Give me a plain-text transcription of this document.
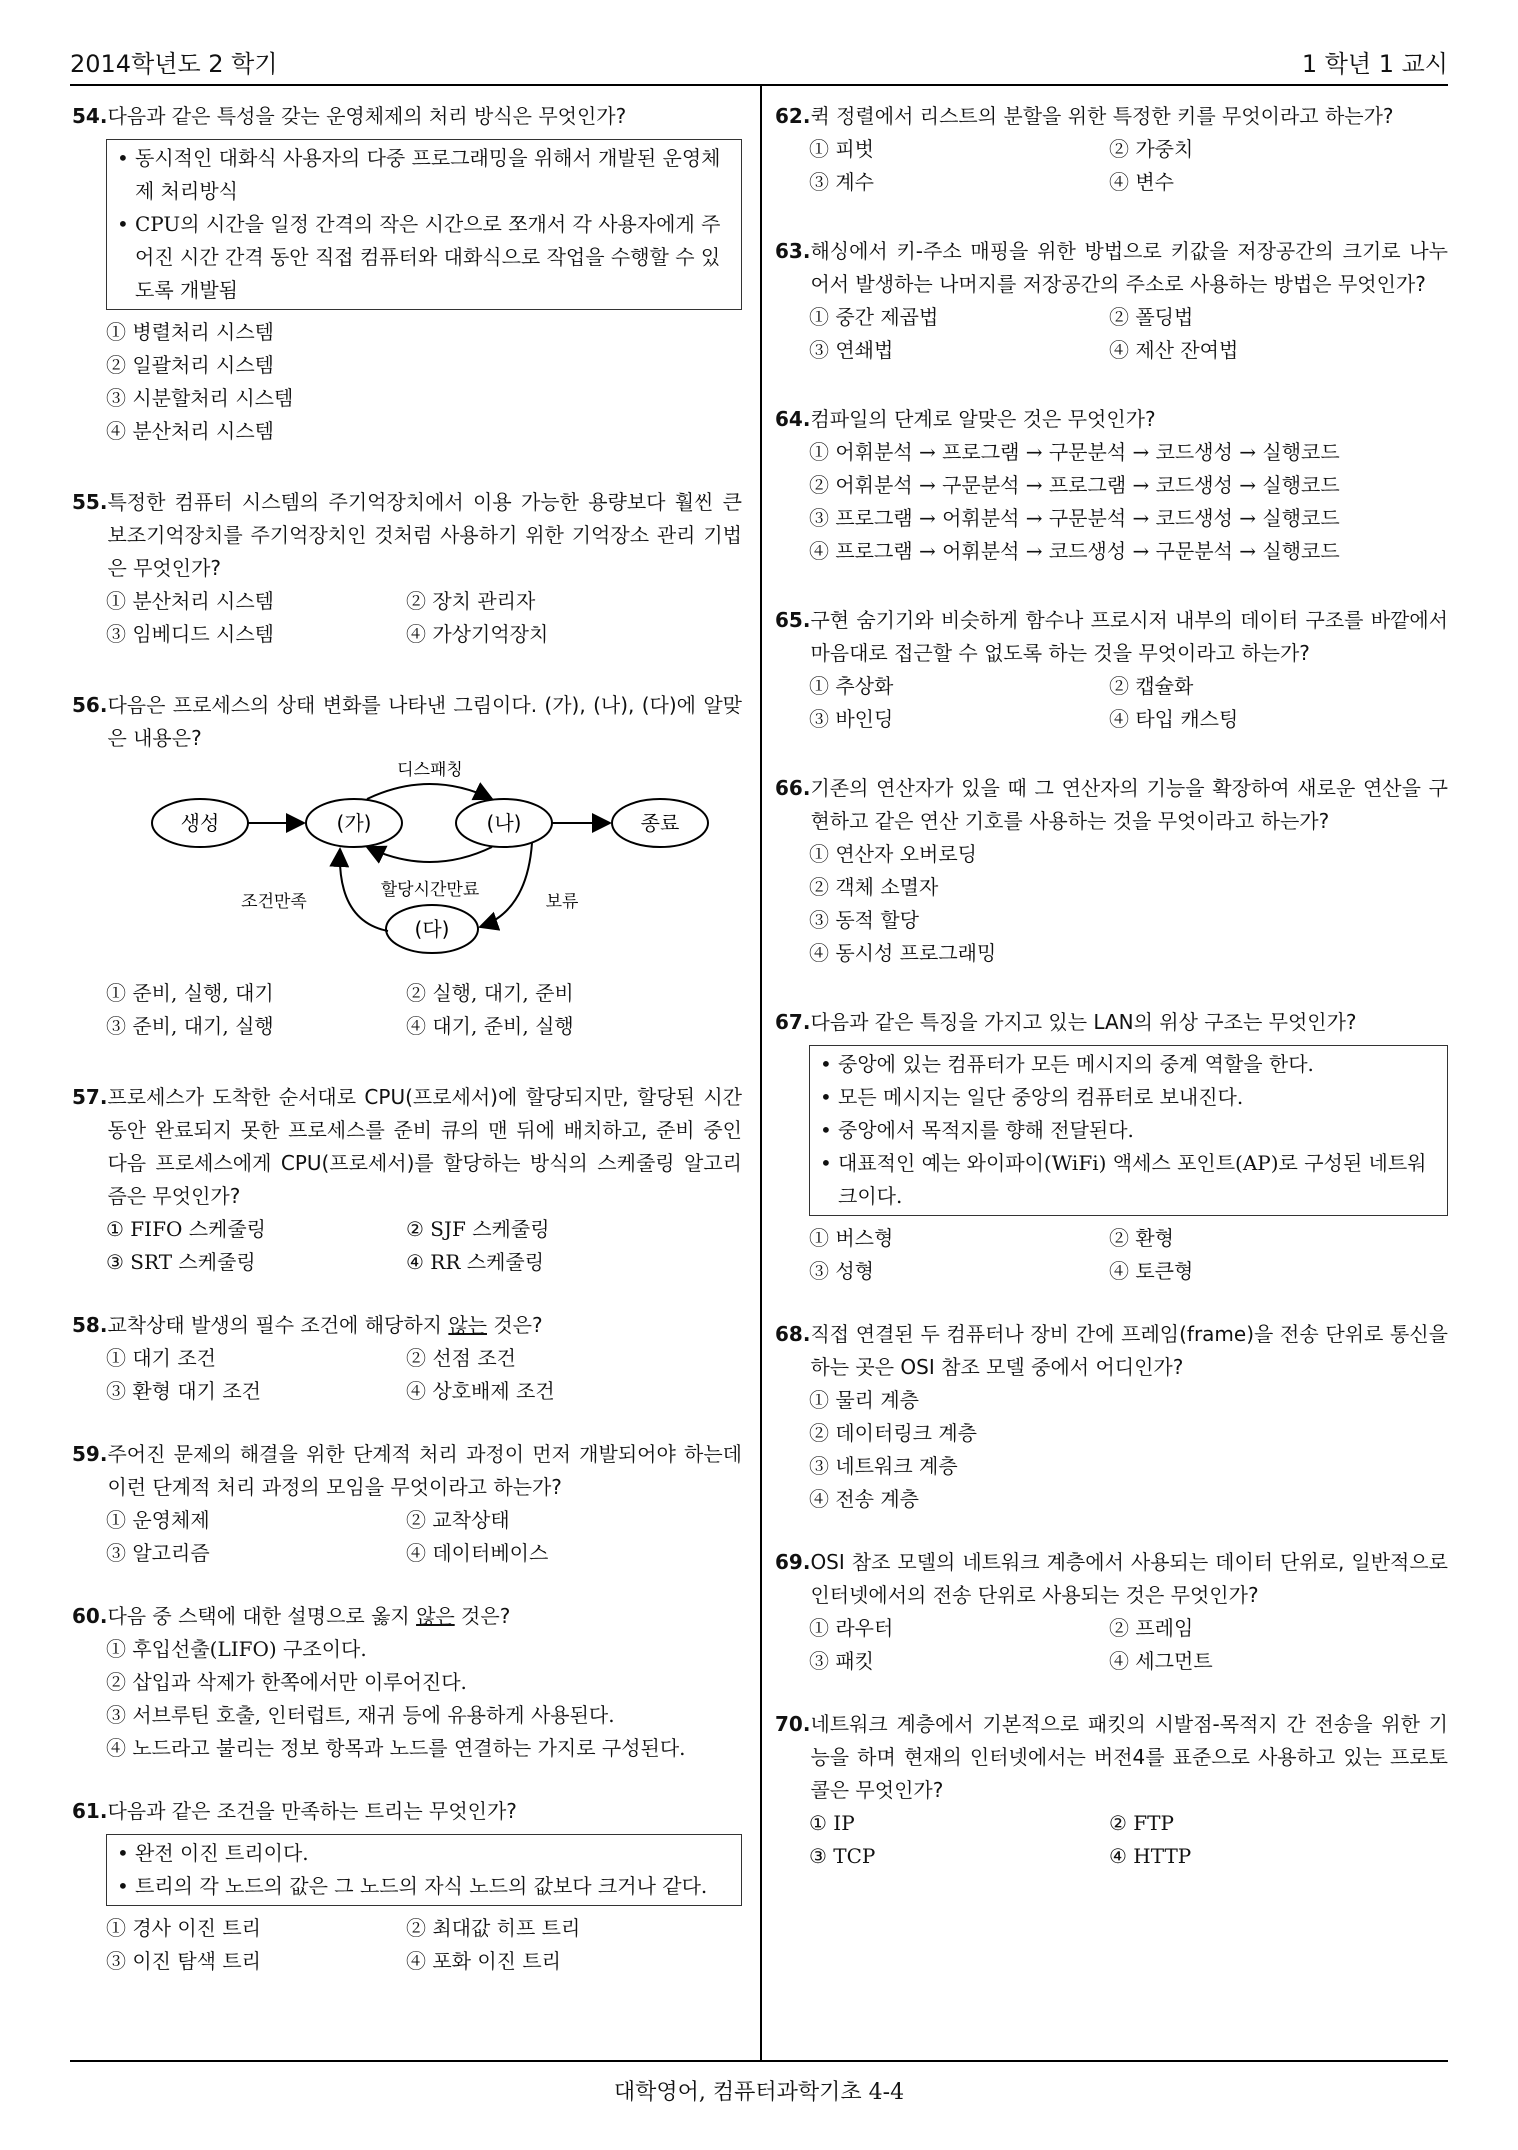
2014학년도 2 학기	1 학년 1 교시
54. 다음과 같은 특성을 갖는 운영체제의 처리 방식은 무엇인가?
• 동시적인 대화식 사용자의 다중 프로그래밍을 위해서 개발된 운영체제 처리방식
• CPU의 시간을 일정 간격의 작은 시간으로 쪼개서 각 사용자에게 주어진 시간 간격 동안 직접 컴퓨터와 대화식으로 작업을 수행할 수 있도록 개발됨
① 병렬처리 시스템
② 일괄처리 시스템
③ 시분할처리 시스템
④ 분산처리 시스템
55. 특정한 컴퓨터 시스템의 주기억장치에서 이용 가능한 용량보다 훨씬 큰 보조기억장치를 주기억장치인 것처럼 사용하기 위한 기억장소 관리 기법은 무엇인가?
① 분산처리 시스템	② 장치 관리자
③ 임베디드 시스템	④ 가상기억장치
56. 다음은 프로세스의 상태 변화를 나타낸 그림이다. (가), (나), (다)에 알맞은 내용은?
생성	(가)	(나)	종료
(다)
디스패칭
할당시간만료
보류
조건만족
① 준비, 실행, 대기	② 실행, 대기, 준비
③ 준비, 대기, 실행	④ 대기, 준비, 실행
57. 프로세스가 도착한 순서대로 CPU(프로세서)에 할당되지만, 할당된 시간 동안 완료되지 못한 프로세스를 준비 큐의 맨 뒤에 배치하고, 준비 중인 다음 프로세스에게 CPU(프로세서)를 할당하는 방식의 스케줄링 알고리즘은 무엇인가?
① FIFO 스케줄링	② SJF 스케줄링
③ SRT 스케줄링	④ RR 스케줄링
58. 교착상태 발생의 필수 조건에 해당하지 않는 것은?
① 대기 조건	② 선점 조건
③ 환형 대기 조건	④ 상호배제 조건
59. 주어진 문제의 해결을 위한 단계적 처리 과정이 먼저 개발되어야 하는데 이런 단계적 처리 과정의 모임을 무엇이라고 하는가?
① 운영체제	② 교착상태
③ 알고리즘	④ 데이터베이스
60. 다음 중 스택에 대한 설명으로 옳지 않은 것은?
① 후입선출(LIFO) 구조이다.
② 삽입과 삭제가 한쪽에서만 이루어진다.
③ 서브루틴 호출, 인터럽트, 재귀 등에 유용하게 사용된다.
④ 노드라고 불리는 정보 항목과 노드를 연결하는 가지로 구성된다.
61. 다음과 같은 조건을 만족하는 트리는 무엇인가?
• 완전 이진 트리이다.
• 트리의 각 노드의 값은 그 노드의 자식 노드의 값보다 크거나 같다.
① 경사 이진 트리	② 최대값 히프 트리
③ 이진 탐색 트리	④ 포화 이진 트리
62. 퀵 정렬에서 리스트의 분할을 위한 특정한 키를 무엇이라고 하는가?
① 피벗	② 가중치
③ 계수	④ 변수
63. 해싱에서 키-주소 매핑을 위한 방법으로 키값을 저장공간의 크기로 나누어서 발생하는 나머지를 저장공간의 주소로 사용하는 방법은 무엇인가?
① 중간 제곱법	② 폴딩법
③ 연쇄법	④ 제산 잔여법
64. 컴파일의 단계로 알맞은 것은 무엇인가?
① 어휘분석 → 프로그램 → 구문분석 → 코드생성 → 실행코드
② 어휘분석 → 구문분석 → 프로그램 → 코드생성 → 실행코드
③ 프로그램 → 어휘분석 → 구문분석 → 코드생성 → 실행코드
④ 프로그램 → 어휘분석 → 코드생성 → 구문분석 → 실행코드
65. 구현 숨기기와 비슷하게 함수나 프로시저 내부의 데이터 구조를 바깥에서 마음대로 접근할 수 없도록 하는 것을 무엇이라고 하는가?
① 추상화	② 캡슐화
③ 바인딩	④ 타입 캐스팅
66. 기존의 연산자가 있을 때 그 연산자의 기능을 확장하여 새로운 연산을 구현하고 같은 연산 기호를 사용하는 것을 무엇이라고 하는가?
① 연산자 오버로딩
② 객체 소멸자
③ 동적 할당
④ 동시성 프로그래밍
67. 다음과 같은 특징을 가지고 있는 LAN의 위상 구조는 무엇인가?
• 중앙에 있는 컴퓨터가 모든 메시지의 중계 역할을 한다.
• 모든 메시지는 일단 중앙의 컴퓨터로 보내진다.
• 중앙에서 목적지를 향해 전달된다.
• 대표적인 예는 와이파이(WiFi) 액세스 포인트(AP)로 구성된 네트워크이다.
① 버스형	② 환형
③ 성형	④ 토큰형
68. 직접 연결된 두 컴퓨터나 장비 간에 프레임(frame)을 전송 단위로 통신을 하는 곳은 OSI 참조 모델 중에서 어디인가?
① 물리 계층
② 데이터링크 계층
③ 네트워크 계층
④ 전송 계층
69. OSI 참조 모델의 네트워크 계층에서 사용되는 데이터 단위로, 일반적으로 인터넷에서의 전송 단위로 사용되는 것은 무엇인가?
① 라우터	② 프레임
③ 패킷	④ 세그먼트
70. 네트워크 계층에서 기본적으로 패킷의 시발점-목적지 간 전송을 위한 기능을 하며 현재의 인터넷에서는 버전4를 표준으로 사용하고 있는 프로토콜은 무엇인가?
① IP	② FTP
③ TCP	④ HTTP
대학영어, 컴퓨터과학기초 4-4
